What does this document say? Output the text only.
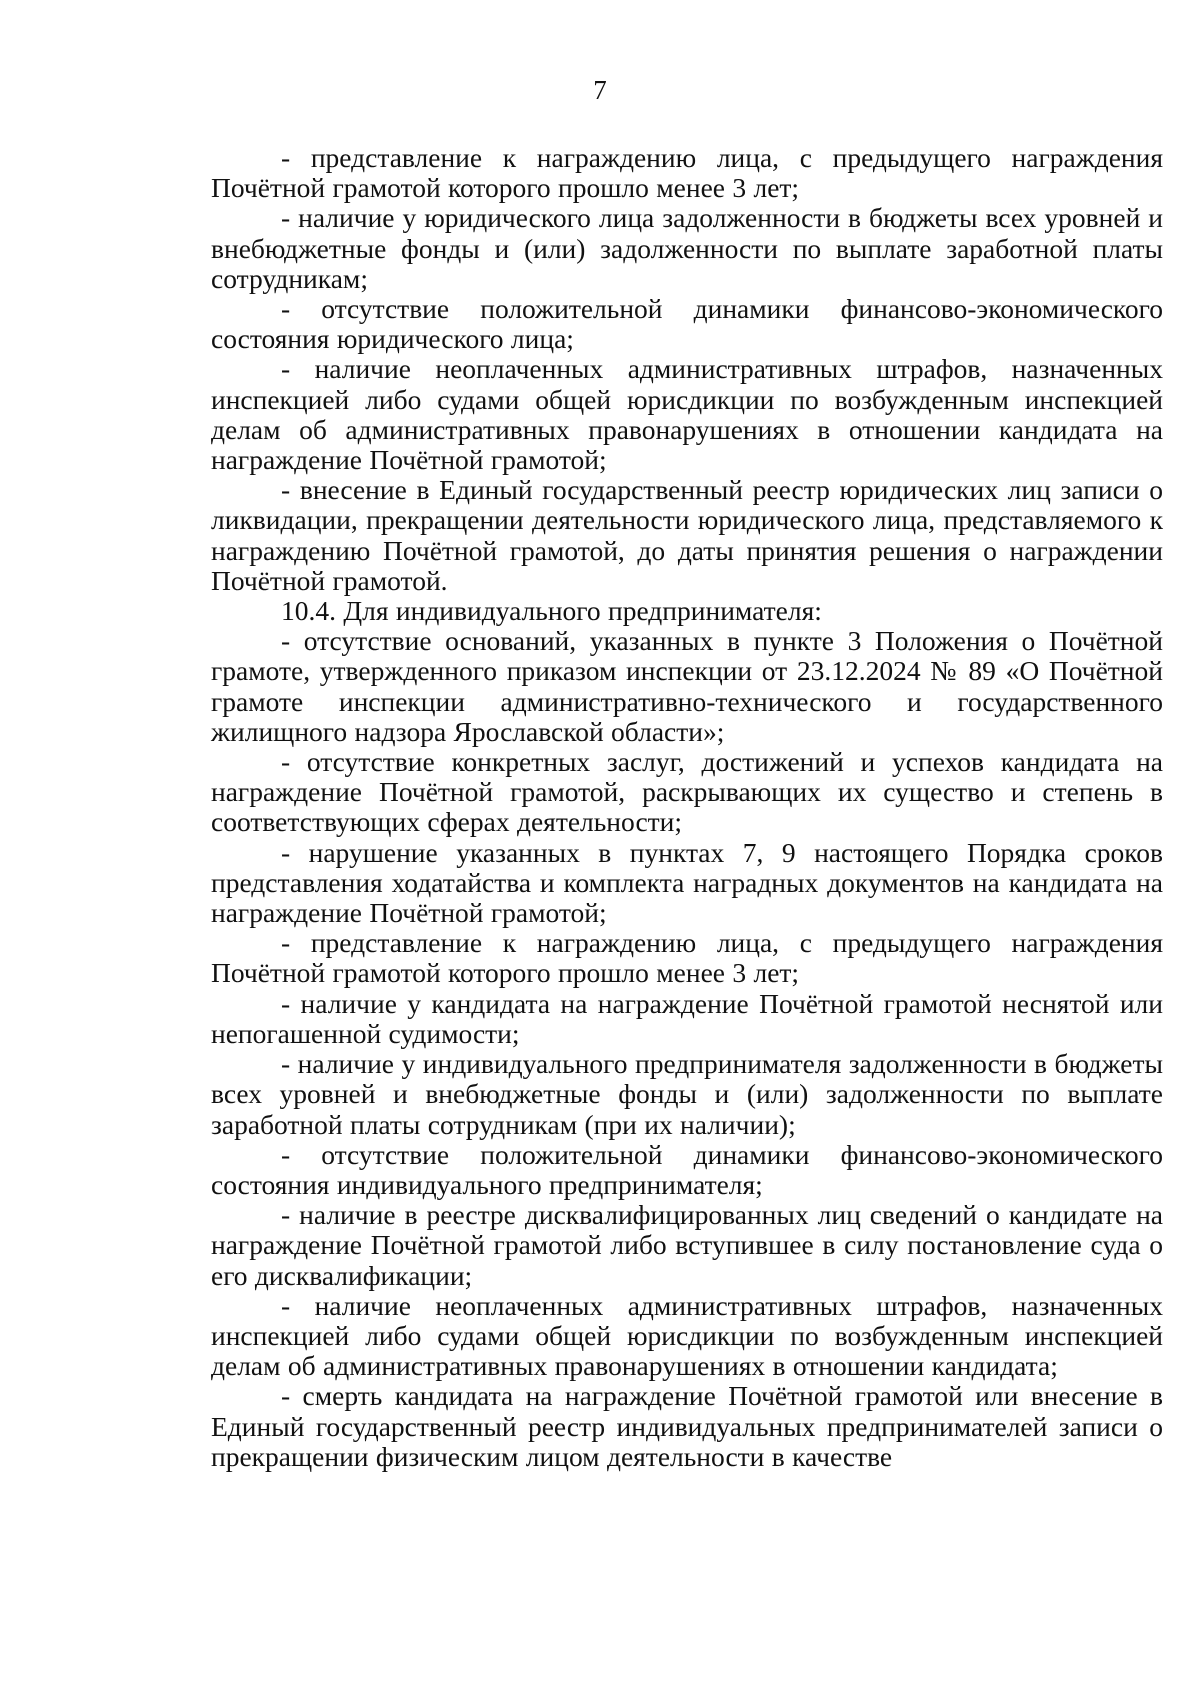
7

- представление к награждению лица, с предыдущего награждения Почётной грамотой которого прошло менее 3 лет;

- наличие у юридического лица задолженности в бюджеты всех уровней и внебюджетные фонды и (или) задолженности по выплате заработной платы сотрудникам;

- отсутствие положительной динамики финансово-экономического состояния юридического лица;

- наличие неоплаченных административных штрафов, назначенных инспекцией либо судами общей юрисдикции по возбужденным инспекцией делам об административных правонарушениях в отношении кандидата на награждение Почётной грамотой;

- внесение в Единый государственный реестр юридических лиц записи о ликвидации, прекращении деятельности юридического лица, представляемого к награждению Почётной грамотой, до даты принятия решения о награждении Почётной грамотой.

10.4. Для индивидуального предпринимателя:

- отсутствие оснований, указанных в пункте 3 Положения о Почётной грамоте, утвержденного приказом инспекции от 23.12.2024 № 89 «О Почётной грамоте инспекции административно-технического и государственного жилищного надзора Ярославской области»;

- отсутствие конкретных заслуг, достижений и успехов кандидата на награждение Почётной грамотой, раскрывающих их существо и степень в соответствующих сферах деятельности;

- нарушение указанных в пунктах 7, 9 настоящего Порядка сроков представления ходатайства и комплекта наградных документов на кандидата на награждение Почётной грамотой;

- представление к награждению лица, с предыдущего награждения Почётной грамотой которого прошло менее 3 лет;

- наличие у кандидата на награждение Почётной грамотой неснятой или непогашенной судимости;

- наличие у индивидуального предпринимателя задолженности в бюджеты всех уровней и внебюджетные фонды и (или) задолженности по выплате заработной платы сотрудникам (при их наличии);

- отсутствие положительной динамики финансово-экономического состояния индивидуального предпринимателя;

- наличие в реестре дисквалифицированных лиц сведений о кандидате на награждение Почётной грамотой либо вступившее в силу постановление суда о его дисквалификации;

- наличие неоплаченных административных штрафов, назначенных инспекцией либо судами общей юрисдикции по возбужденным инспекцией делам об административных правонарушениях в отношении кандидата;

- смерть кандидата на награждение Почётной грамотой или внесение в Единый государственный реестр индивидуальных предпринимателей записи о прекращении физическим лицом деятельности в качестве
